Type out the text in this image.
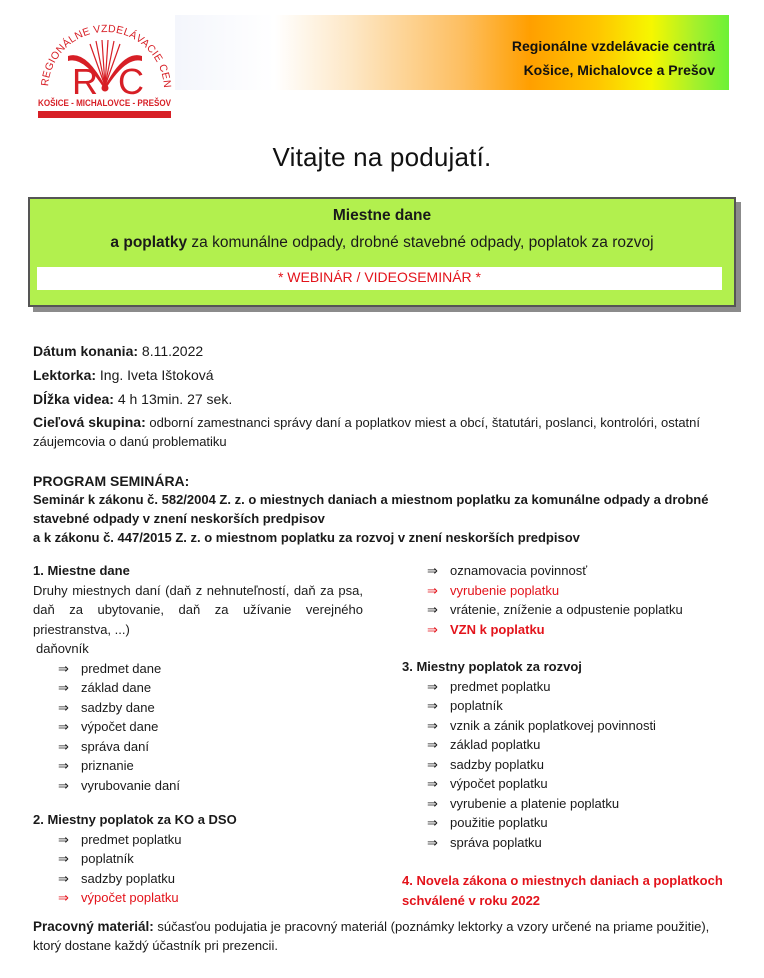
REGIONÁLNE VZDELÁVACIE CEN
R C
KOŠICE - MICHALOVCE - PR
Regionálne vzdelávacie centrá
Košice, Michalovce a Prešov
Vitajte na podujatí.
Miestne dane
a poplatky za komunálne odpady, drobné stavebné odpady, poplatok za rozvoj
* WEBINÁR / VIDEOSEMINÁR *
Dátum konania: 8.11.2022
Lektorka: Ing. Iveta Ištoková
Dĺžka videa: 4 h 13min. 27 sek.
Cieľová skupina: odborní zamestnanci správy daní a poplatkov miest a obcí, štatutári, poslanci, kontrolóri, ostatní záujemcovia o danú problematiku
PROGRAM SEMINÁRA:
Seminár k zákonu č. 582/2004 Z. z. o miestnych daniach a miestnom poplatku za komunálne odpady a drobné stavebné odpady v znení neskorších predpisov
a k zákonu č. 447/2015 Z. z. o miestnom poplatku za rozvoj v znení neskorších predpisov
1. Miestne dane
Druhy miestnych daní (daň z nehnuteľností, daň za psa, daň za ubytovanie, daň za užívanie verejného priestranstva, ...)
daňovník
⇒ predmet dane
⇒ základ dane
⇒ sadzby dane
⇒ výpočet dane
⇒ správa daní
⇒ priznanie
⇒ vyrubovanie daní
2. Miestny poplatok za KO a DSO
⇒ predmet poplatku
⇒ poplatník
⇒ sadzby poplatku
⇒ výpočet poplatku
⇒ oznamovacia povinnosť
⇒ vyrubenie poplatku
⇒ vrátenie, zníženie a odpustenie poplatku
⇒ VZN k poplatku
3. Miestny poplatok za rozvoj
⇒ predmet poplatku
⇒ poplatník
⇒ vznik a zánik poplatkovej povinnosti
⇒ základ poplatku
⇒ sadzby poplatku
⇒ výpočet poplatku
⇒ vyrubenie a platenie poplatku
⇒ použitie poplatku
⇒ správa poplatku
4. Novela zákona o miestnych daniach a poplatkoch schválené v roku 2022
Pracovný materiál: súčasťou podujatia je pracovný materiál (poznámky lektorky a vzory určené na priame použitie), ktorý dostane každý účastník pri prezencii.
